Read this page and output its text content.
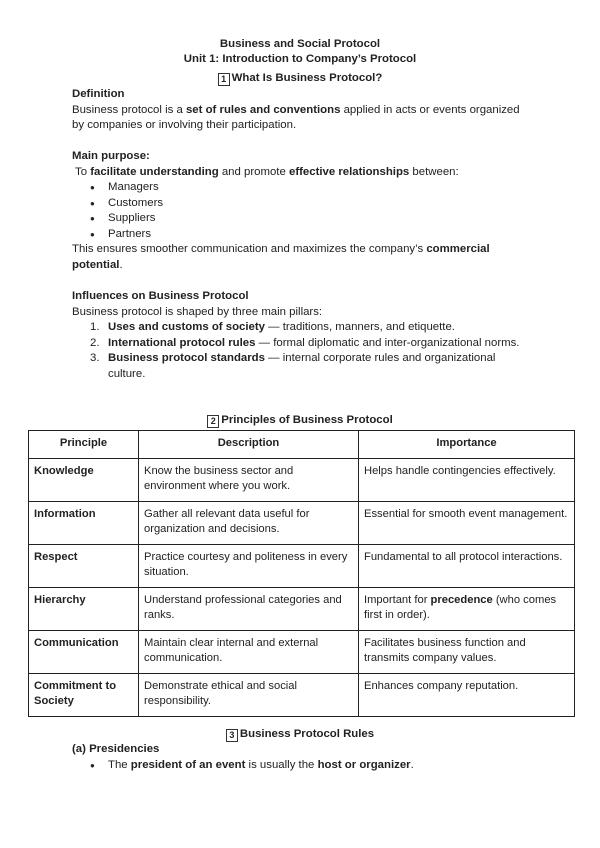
Business and Social Protocol
Unit 1: Introduction to Company’s Protocol
1 What Is Business Protocol?

Definition

Business protocol is a set of rules and conventions applied in acts or events organized by companies or involving their participation.

Main purpose:

To facilitate understanding and promote effective relationships between:

● Managers
● Customers
● Suppliers
● Partners

This ensures smoother communication and maximizes the company’s commercial potential.

Influences on Business Protocol

Business protocol is shaped by three main pillars:

1. Uses and customs of society — traditions, manners, and etiquette.
2. International protocol rules — formal diplomatic and inter-organizational norms.
3. Business protocol standards — internal corporate rules and organizational culture.
2 Principles of Business Protocol
Principle	Description	Importance
Knowledge	Know the business sector and environment where you work.	Helps handle contingencies effectively.
Information	Gather all relevant data useful for organization and decisions.	Essential for smooth event management.
Respect	Practice courtesy and politeness in every situation.	Fundamental to all protocol interactions.
Hierarchy	Understand professional categories and ranks.	Important for precedence (who comes first in order).
Communication	Maintain clear internal and external communication.	Facilitates business function and transmits company values.
Commitment to Society	Demonstrate ethical and social responsibility.	Enhances company reputation.
3 Business Protocol Rules

(a) Presidencies

● The president of an event is usually the host or organizer.
